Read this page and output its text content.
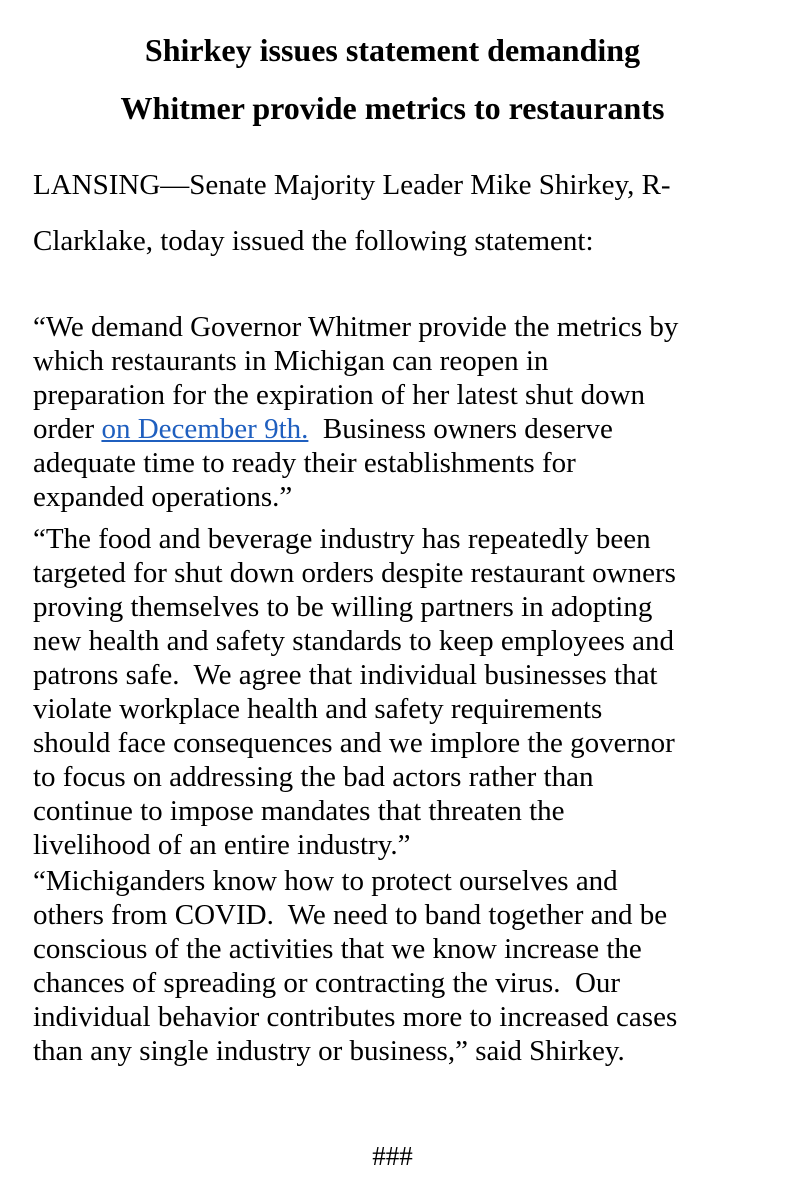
Shirkey issues statement demanding
Whitmer provide metrics to restaurants

LANSING—Senate Majority Leader Mike Shirkey, R-

Clarklake, today issued the following statement:

“We demand Governor Whitmer provide the metrics by
which restaurants in Michigan can reopen in
preparation for the expiration of her latest shut down
order on December 9th.  Business owners deserve
adequate time to ready their establishments for
expanded operations.”

“The food and beverage industry has repeatedly been
targeted for shut down orders despite restaurant owners
proving themselves to be willing partners in adopting
new health and safety standards to keep employees and
patrons safe.  We agree that individual businesses that
violate workplace health and safety requirements
should face consequences and we implore the governor
to focus on addressing the bad actors rather than
continue to impose mandates that threaten the
livelihood of an entire industry.”

“Michiganders know how to protect ourselves and
others from COVID.  We need to band together and be
conscious of the activities that we know increase the
chances of spreading or contracting the virus.  Our
individual behavior contributes more to increased cases
than any single industry or business,” said Shirkey.

###
